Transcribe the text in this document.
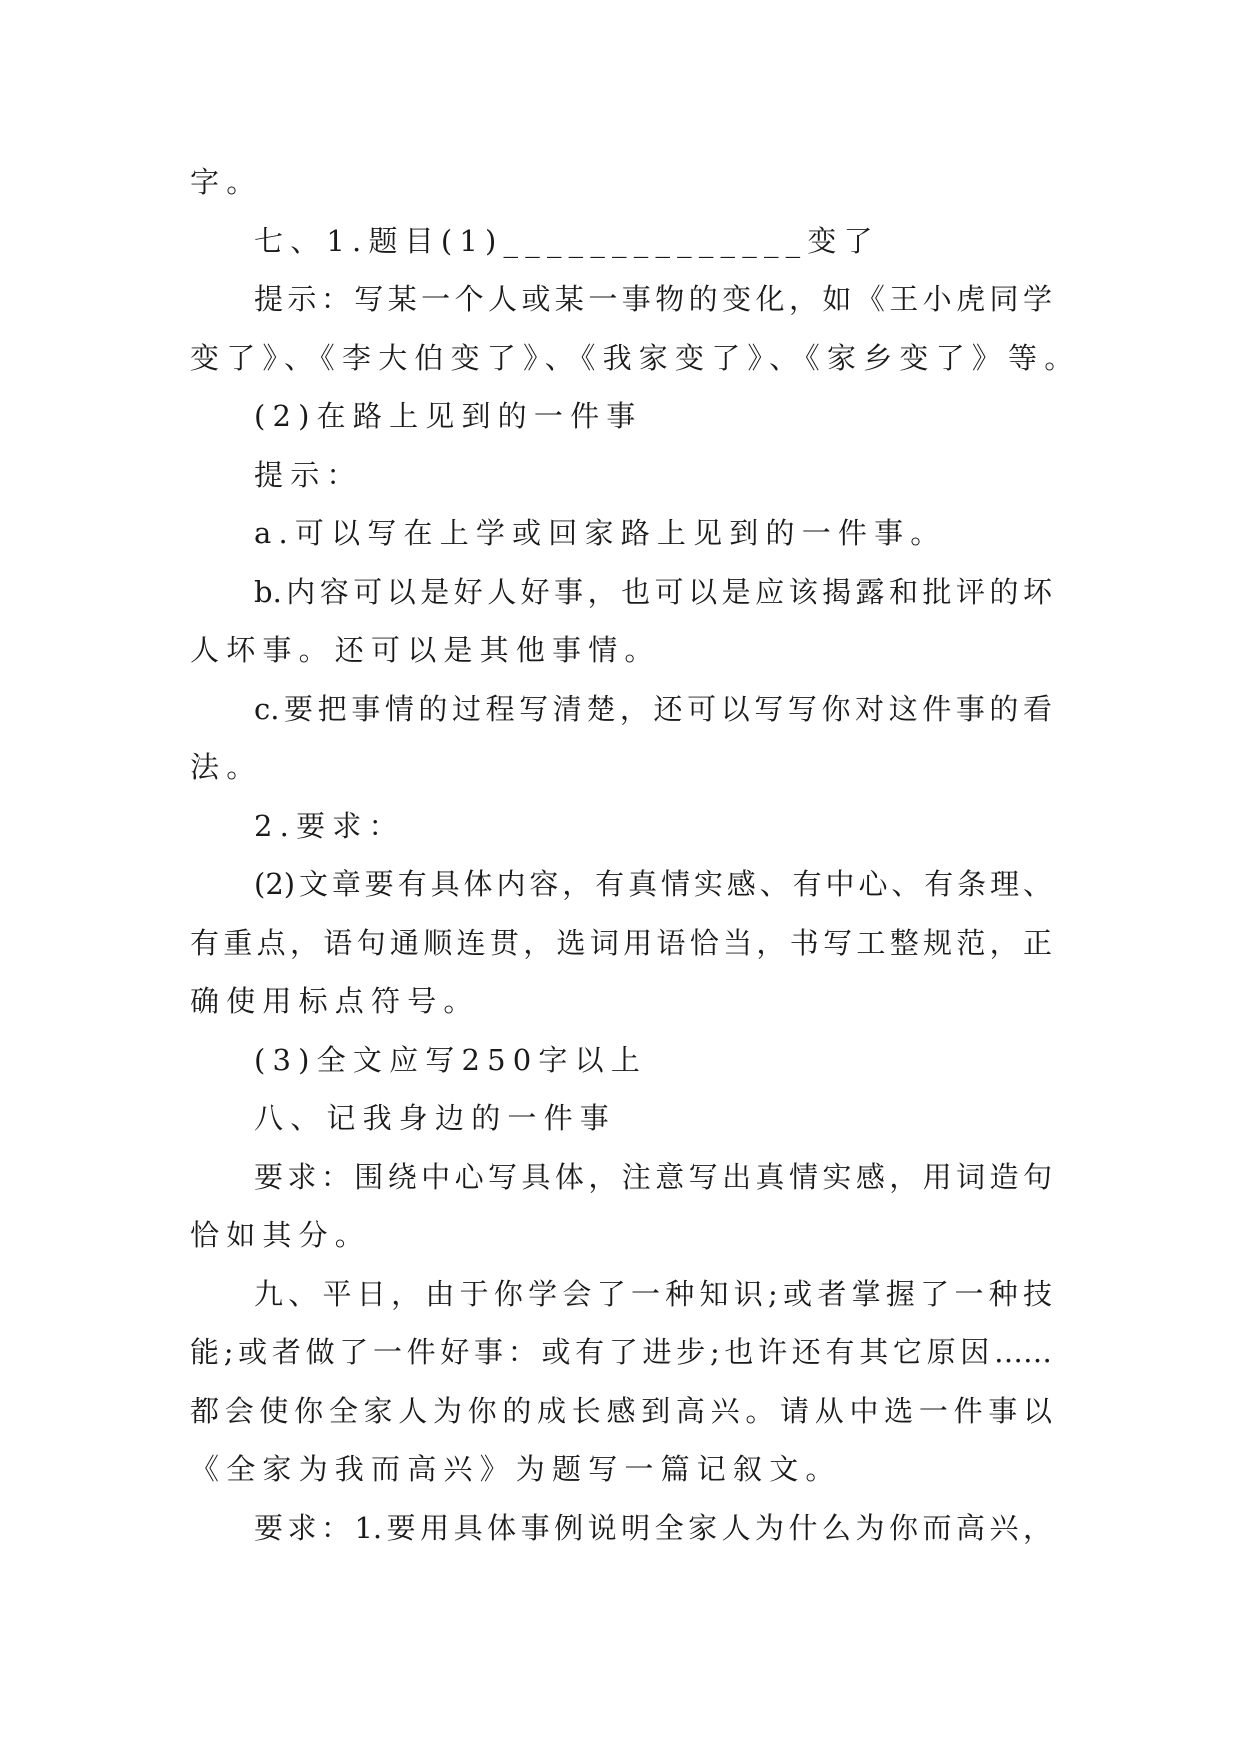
字。
七、1.题目(1)______________变了
提示：写某一个人或某一事物的变化，如《王小虎同学
变了》、《李大伯变了》、《我家变了》、《家乡变了》等。
(2)在路上见到的一件事
提示：
a.可以写在上学或回家路上见到的一件事。
b.内容可以是好人好事，也可以是应该揭露和批评的坏
人坏事。还可以是其他事情。
c.要把事情的过程写清楚，还可以写写你对这件事的看
法。
2.要求：
(2)文章要有具体内容，有真情实感、有中心、有条理、
有重点，语句通顺连贯，选词用语恰当，书写工整规范，正
确使用标点符号。
(3)全文应写250字以上
八、记我身边的一件事
要求：围绕中心写具体，注意写出真情实感，用词造句
恰如其分。
九、平日，由于你学会了一种知识;或者掌握了一种技
能;或者做了一件好事：或有了进步;也许还有其它原因……
都会使你全家人为你的成长感到高兴。请从中选一件事以
《全家为我而高兴》为题写一篇记叙文。
要求：1.要用具体事例说明全家人为什么为你而高兴，
